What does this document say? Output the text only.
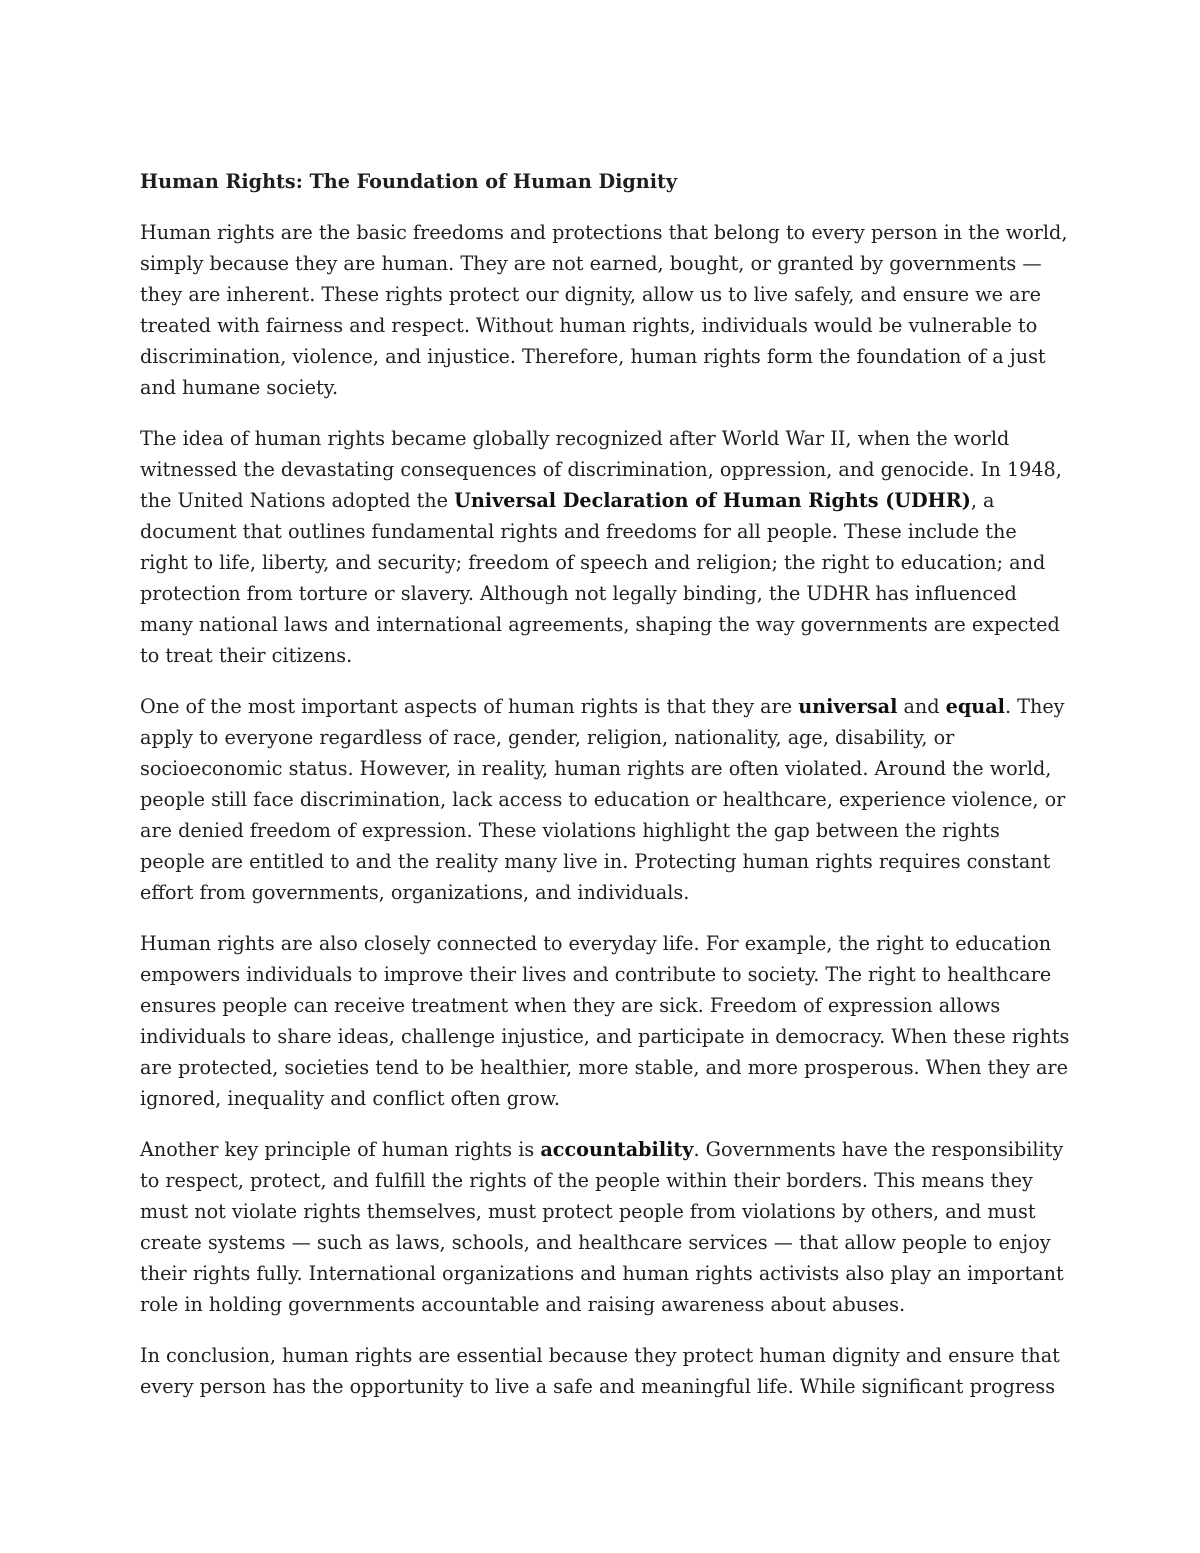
Human Rights: The Foundation of Human Dignity

Human rights are the basic freedoms and protections that belong to every person in the world, simply because they are human. They are not earned, bought, or granted by governments — they are inherent. These rights protect our dignity, allow us to live safely, and ensure we are treated with fairness and respect. Without human rights, individuals would be vulnerable to discrimination, violence, and injustice. Therefore, human rights form the foundation of a just and humane society.

The idea of human rights became globally recognized after World War II, when the world witnessed the devastating consequences of discrimination, oppression, and genocide. In 1948, the United Nations adopted the Universal Declaration of Human Rights (UDHR), a document that outlines fundamental rights and freedoms for all people. These include the right to life, liberty, and security; freedom of speech and religion; the right to education; and protection from torture or slavery. Although not legally binding, the UDHR has influenced many national laws and international agreements, shaping the way governments are expected to treat their citizens.

One of the most important aspects of human rights is that they are universal and equal. They apply to everyone regardless of race, gender, religion, nationality, age, disability, or socioeconomic status. However, in reality, human rights are often violated. Around the world, people still face discrimination, lack access to education or healthcare, experience violence, or are denied freedom of expression. These violations highlight the gap between the rights people are entitled to and the reality many live in. Protecting human rights requires constant effort from governments, organizations, and individuals.

Human rights are also closely connected to everyday life. For example, the right to education empowers individuals to improve their lives and contribute to society. The right to healthcare ensures people can receive treatment when they are sick. Freedom of expression allows individuals to share ideas, challenge injustice, and participate in democracy. When these rights are protected, societies tend to be healthier, more stable, and more prosperous. When they are ignored, inequality and conflict often grow.

Another key principle of human rights is accountability. Governments have the responsibility to respect, protect, and fulfill the rights of the people within their borders. This means they must not violate rights themselves, must protect people from violations by others, and must create systems — such as laws, schools, and healthcare services — that allow people to enjoy their rights fully. International organizations and human rights activists also play an important role in holding governments accountable and raising awareness about abuses.

In conclusion, human rights are essential because they protect human dignity and ensure that every person has the opportunity to live a safe and meaningful life. While significant progress
